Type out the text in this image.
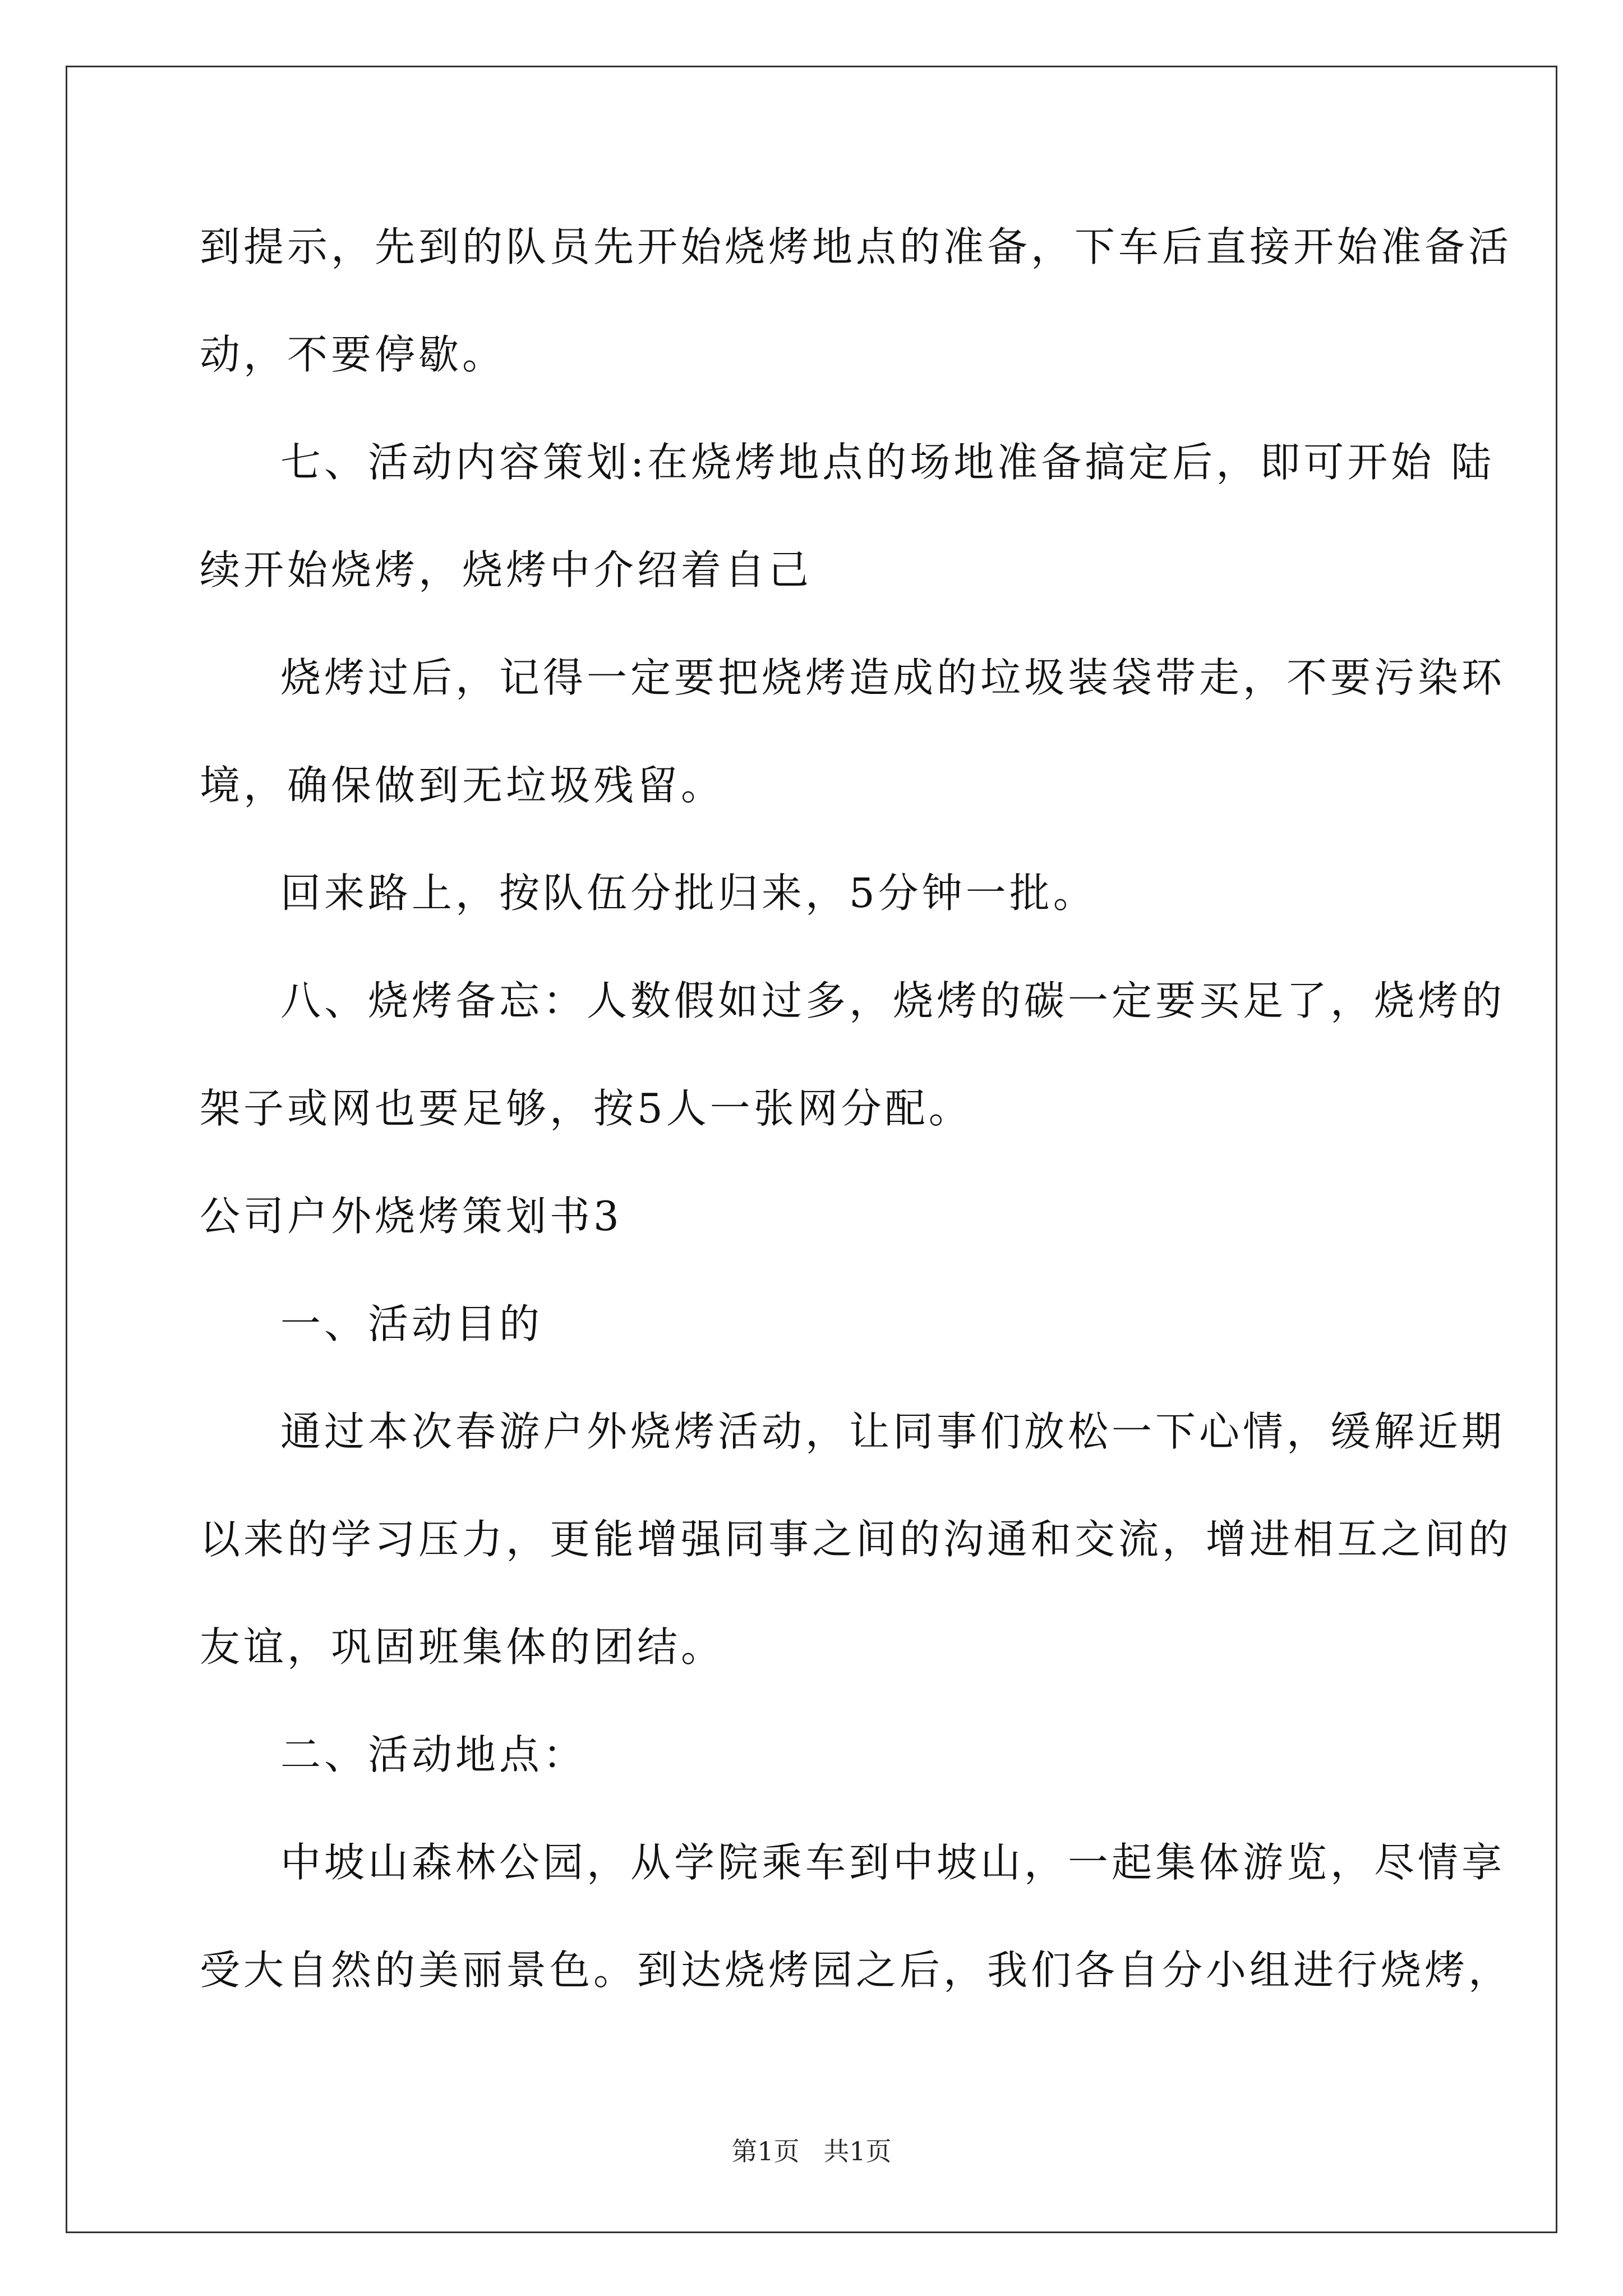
到提示，先到的队员先开始烧烤地点的准备，下车后直接开始准备活

动，不要停歇。

七、活动内容策划:在烧烤地点的场地准备搞定后，即可开始 陆

续开始烧烤，烧烤中介绍着自己

烧烤过后，记得一定要把烧烤造成的垃圾装袋带走，不要污染环

境，确保做到无垃圾残留。

回来路上，按队伍分批归来，5分钟一批。

八、烧烤备忘：人数假如过多，烧烤的碳一定要买足了，烧烤的

架子或网也要足够，按5人一张网分配。

公司户外烧烤策划书3

一、活动目的

通过本次春游户外烧烤活动，让同事们放松一下心情，缓解近期

以来的学习压力，更能增强同事之间的沟通和交流，增进相互之间的

友谊，巩固班集体的团结。

二、活动地点：

中坡山森林公园，从学院乘车到中坡山，一起集体游览，尽情享

受大自然的美丽景色。到达烧烤园之后，我们各自分小组进行烧烤，

第1页 共1页
